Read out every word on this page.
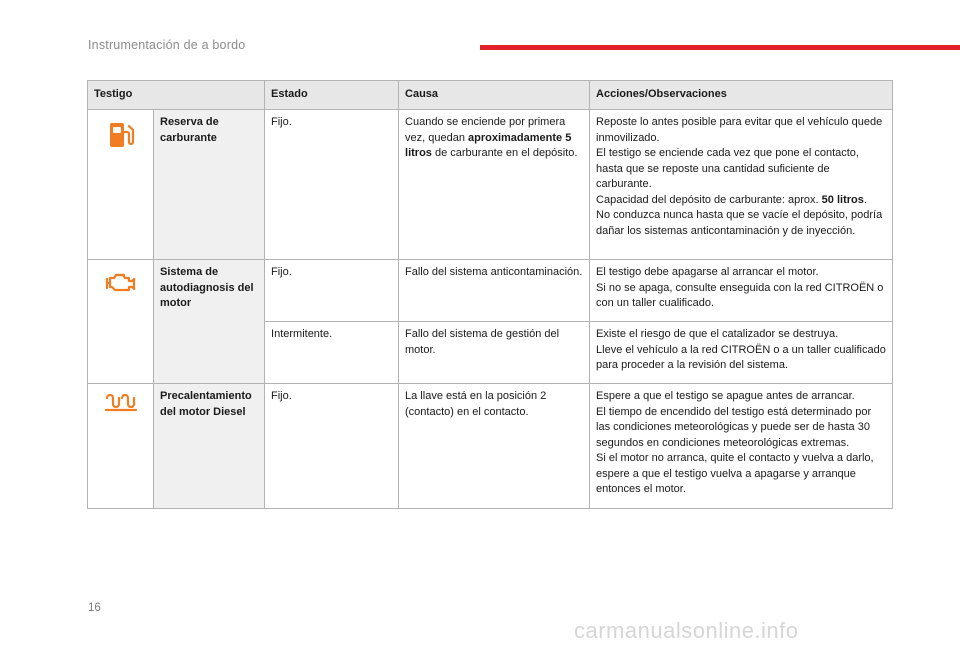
Instrumentación de a bordo
Testigo		Estado	Causa	Acciones/Observaciones
	Reserva de carburante	Fijo.	Cuando se enciende por primera vez, quedan aproximadamente 5 litros de carburante en el depósito.	Reposte lo antes posible para evitar que el vehículo quede inmovilizado.
El testigo se enciende cada vez que pone el contacto, hasta que se reposte una cantidad suficiente de carburante.
Capacidad del depósito de carburante: aprox. 50 litros.
No conduzca nunca hasta que se vacíe el depósito, podría dañar los sistemas anticontaminación y de inyección.

	Sistema de autodiagnosis del motor	Fijo.	Fallo del sistema anticontaminación.	El testigo debe apagarse al arrancar el motor.
Si no se apaga, consulte enseguida con la red CITROËN o con un taller cualificado.

		Intermitente.	Fallo del sistema de gestión del motor.	Existe el riesgo de que el catalizador se destruya.
Lleve el vehículo a la red CITROËN o a un taller cualificado para proceder a la revisión del sistema.

	Precalentamiento del motor Diesel	Fijo.	La llave está en la posición 2 (contacto) en el contacto.	Espere a que el testigo se apague antes de arrancar.
El tiempo de encendido del testigo está determinado por las condiciones meteorológicas y puede ser de hasta 30 segundos en condiciones meteorológicas extremas.
Si el motor no arranca, quite el contacto y vuelva a darlo, espere a que el testigo vuelva a apagarse y arranque entonces el motor.
16
carmanualsonline.info
